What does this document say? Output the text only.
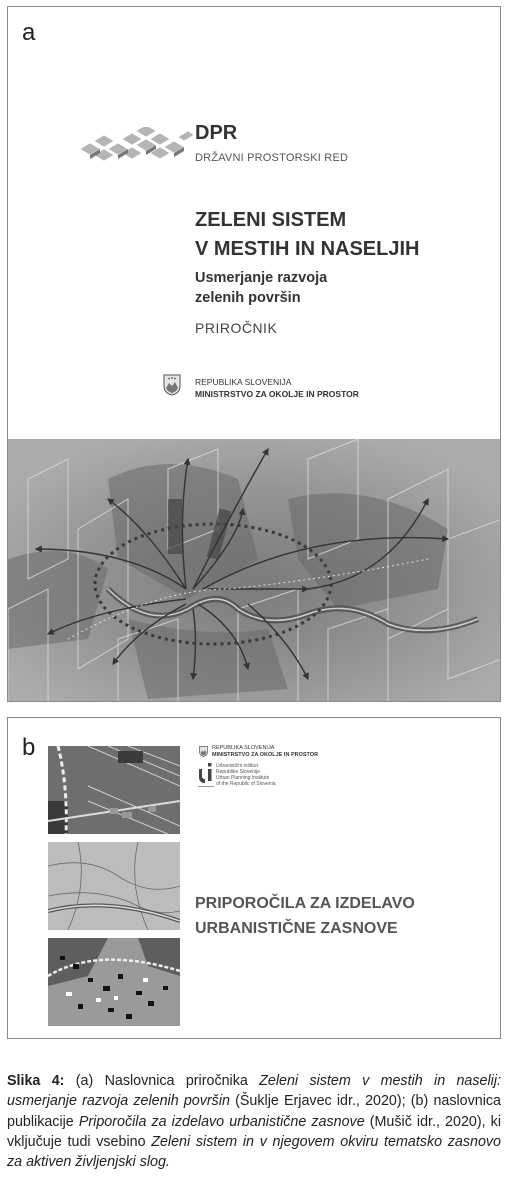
a
DPR
DRŽAVNI PROSTORSKI RED
ZELENI SISTEM
V MESTIH IN NASELJIH
Usmerjanje razvoja
zelenih površin
PRIROČNIK
REPUBLIKA SLOVENIJA
MINISTRSTVO ZA OKOLJE IN PROSTOR
b	REPUBLIKA SLOVENIJA
MINISTRSTVO ZA OKOLJE IN PROSTOR
Urbanistični inštitut
Republike Slovenije
Urban Planning Institute
of the Republic of Slovenia
PRIPOROČILA ZA IZDELAVO
URBANISTIČNE ZASNOVE

Slika 4: (a) Naslovnica priročnika Zeleni sistem v mestih in naselij: usmerjanje razvoja zelenih površin (Šuklje Erjavec idr., 2020); (b) naslovnica publikacije Priporočila za izdelavo urbanistične zasnove (Mušič idr., 2020), ki vključuje tudi vsebino Zeleni sistem in v njegovem okviru tematsko zasnovo za aktiven življenjski slog.
